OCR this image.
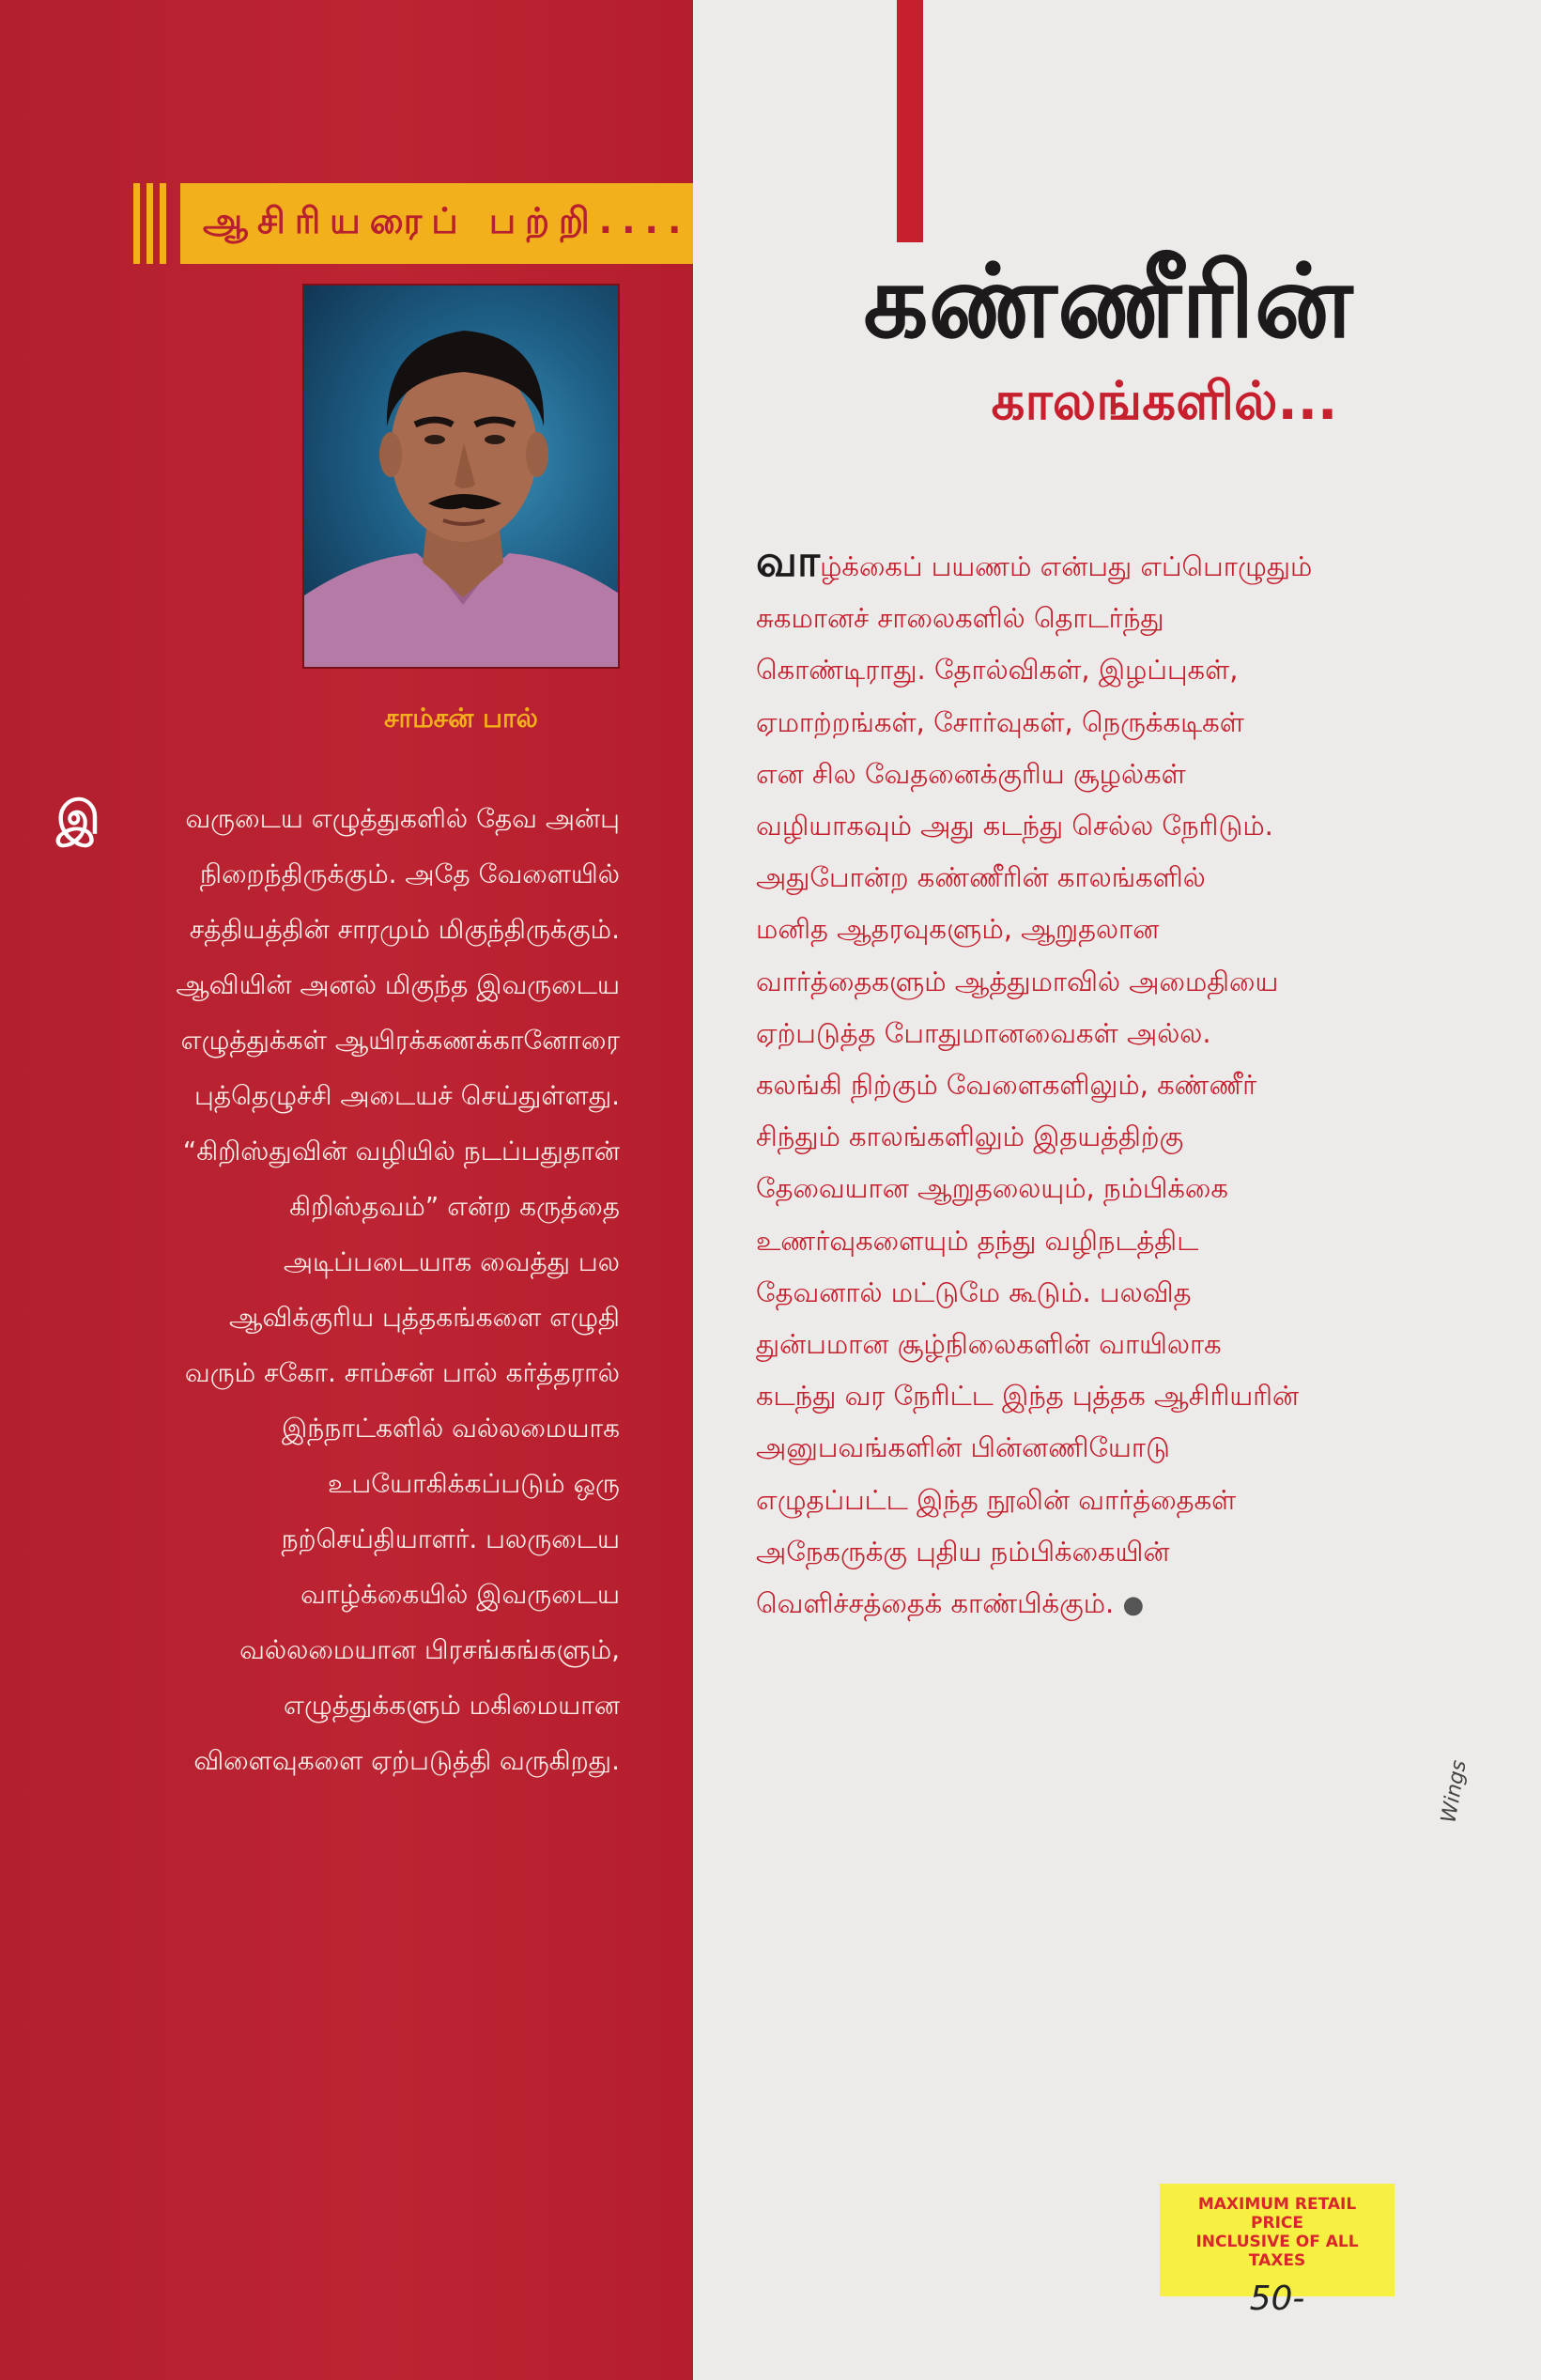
ஆசிரியரைப் பற்றி....
சாம்சன் பால்
இ	வருடைய எழுத்துகளில் தேவ அன்பு
நிறைந்திருக்கும். அதே வேளையில்
சத்தியத்தின் சாரமும் மிகுந்திருக்கும்.
ஆவியின் அனல் மிகுந்த இவருடைய
எழுத்துக்கள் ஆயிரக்கணக்கானோரை
புத்தெழுச்சி அடையச் செய்துள்ளது.
“கிறிஸ்துவின் வழியில் நடப்பதுதான்
கிறிஸ்தவம்” என்ற கருத்தை
அடிப்படையாக வைத்து பல
ஆவிக்குரிய புத்தகங்களை எழுதி
வரும் சகோ. சாம்சன் பால் கர்த்தரால்
இந்நாட்களில் வல்லமையாக
உபயோகிக்கப்படும் ஒரு
நற்செய்தியாளர். பலருடைய
வாழ்க்கையில் இவருடைய
வல்லமையான பிரசங்கங்களும்,
எழுத்துக்களும் மகிமையான
விளைவுகளை ஏற்படுத்தி வருகிறது.
கண்ணீரின்
காலங்களில்...
வாழ்க்கைப் பயணம் என்பது எப்பொழுதும்
சுகமானச் சாலைகளில் தொடர்ந்து
கொண்டிராது. தோல்விகள், இழப்புகள்,
ஏமாற்றங்கள், சோர்வுகள், நெருக்கடிகள்
என சில வேதனைக்குரிய சூழல்கள்
வழியாகவும் அது கடந்து செல்ல நேரிடும்.
அதுபோன்ற கண்ணீரின் காலங்களில்
மனித ஆதரவுகளும், ஆறுதலான
வார்த்தைகளும் ஆத்துமாவில் அமைதியை
ஏற்படுத்த போதுமானவைகள் அல்ல.
கலங்கி நிற்கும் வேளைகளிலும், கண்ணீர்
சிந்தும் காலங்களிலும் இதயத்திற்கு
தேவையான ஆறுதலையும், நம்பிக்கை
உணர்வுகளையும் தந்து வழிநடத்திட
தேவனால் மட்டுமே கூடும். பலவித
துன்பமான சூழ்நிலைகளின் வாயிலாக
கடந்து வர நேரிட்ட இந்த புத்தக ஆசிரியரின்
அனுபவங்களின் பின்னணியோடு
எழுதப்பட்ட இந்த நூலின் வார்த்தைகள்
அநேகருக்கு புதிய நம்பிக்கையின்
வெளிச்சத்தைக் காண்பிக்கும். ●
Wings
MAXIMUM RETAIL PRICE
INCLUSIVE OF ALL TAXES
50-
